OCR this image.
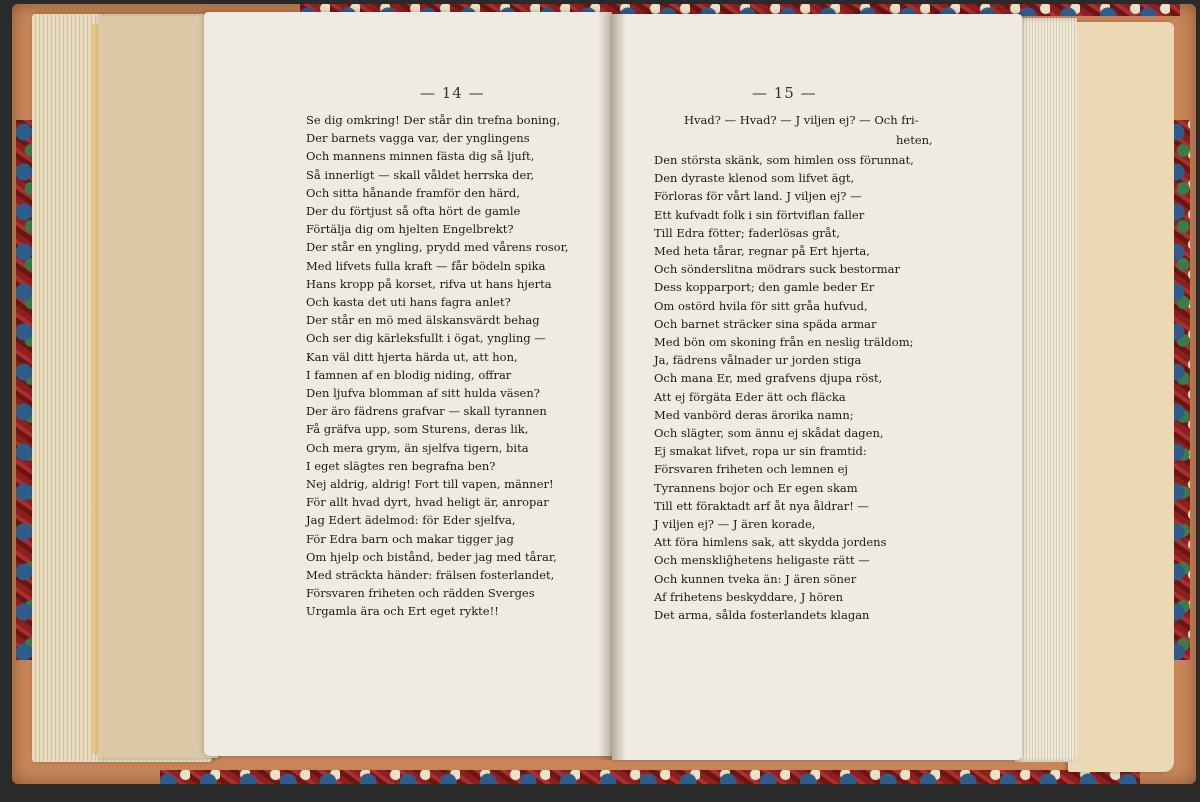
— 14 —	— 15 —
Se dig omkring! Der står din trefna boning,
Der barnets vagga var, der ynglingens
Och mannens minnen fästa dig så ljuft,
Så innerligt — skall våldet herrska der,
Och sitta hånande framför den härd,
Der du förtjust så ofta hört de gamle
Förtälja dig om hjelten Engelbrekt?
Der står en yngling, prydd med vårens rosor,
Med lifvets fulla kraft — får bödeln spika
Hans kropp på korset, rifva ut hans hjerta
Och kasta det uti hans fagra anlet?
Der står en mö med älskansvärdt behag
Och ser dig kärleksfullt i ögat, yngling —
Kan väl ditt hjerta härda ut, att hon,
I famnen af en blodig niding, offrar
Den ljufva blomman af sitt hulda väsen?
Der äro fädrens grafvar — skall tyrannen
Få gräfva upp, som Sturens, deras lik,
Och mera grym, än sjelfva tigern, bita
I eget slägtes ren begrafna ben?
Nej aldrig, aldrig! Fort till vapen, männer!
För allt hvad dyrt, hvad heligt är, anropar
Jag Edert ädelmod: för Eder sjelfva,
För Edra barn och makar tigger jag
Om hjelp och bistånd, beder jag med tårar,
Med sträckta händer: frälsen fosterlandet,
Försvaren friheten och rädden Sverges
Urgamla ära och Ert eget rykte!!
Hvad? — Hvad? — J viljen ej? — Och fri-
heten,
Den största skänk, som himlen oss förunnat,
Den dyraste klenod som lifvet ägt,
Förloras för vårt land. J viljen ej? —
Ett kufvadt folk i sin förtviflan faller
Till Edra fötter; faderlösas gråt,
Med heta tårar, regnar på Ert hjerta,
Och sönderslitna mödrars suck bestormar
Dess kopparport; den gamle beder Er
Om ostörd hvila för sitt gråa hufvud,
Och barnet sträcker sina späda armar
Med bön om skoning från en neslig träldom;
Ja, fädrens vålnader ur jorden stiga
Och mana Er, med grafvens djupa röst,
Att ej förgäta Eder ätt och fläcka
Med vanbörd deras ärorika namn;
Och slägter, som ännu ej skådat dagen,
Ej smakat lifvet, ropa ur sin framtid:
Försvaren friheten och lemnen ej
Tyrannens bojor och Er egen skam
Till ett föraktadt arf åt nya åldrar! —
J viljen ej? — J ären korade,
Att föra himlens sak, att skydda jordens
Och menskliĝhetens heligaste rätt —
Och kunnen tveka än: J ären söner
Af frihetens beskyddare, J hören
Det arma, sålda fosterlandets klagan
